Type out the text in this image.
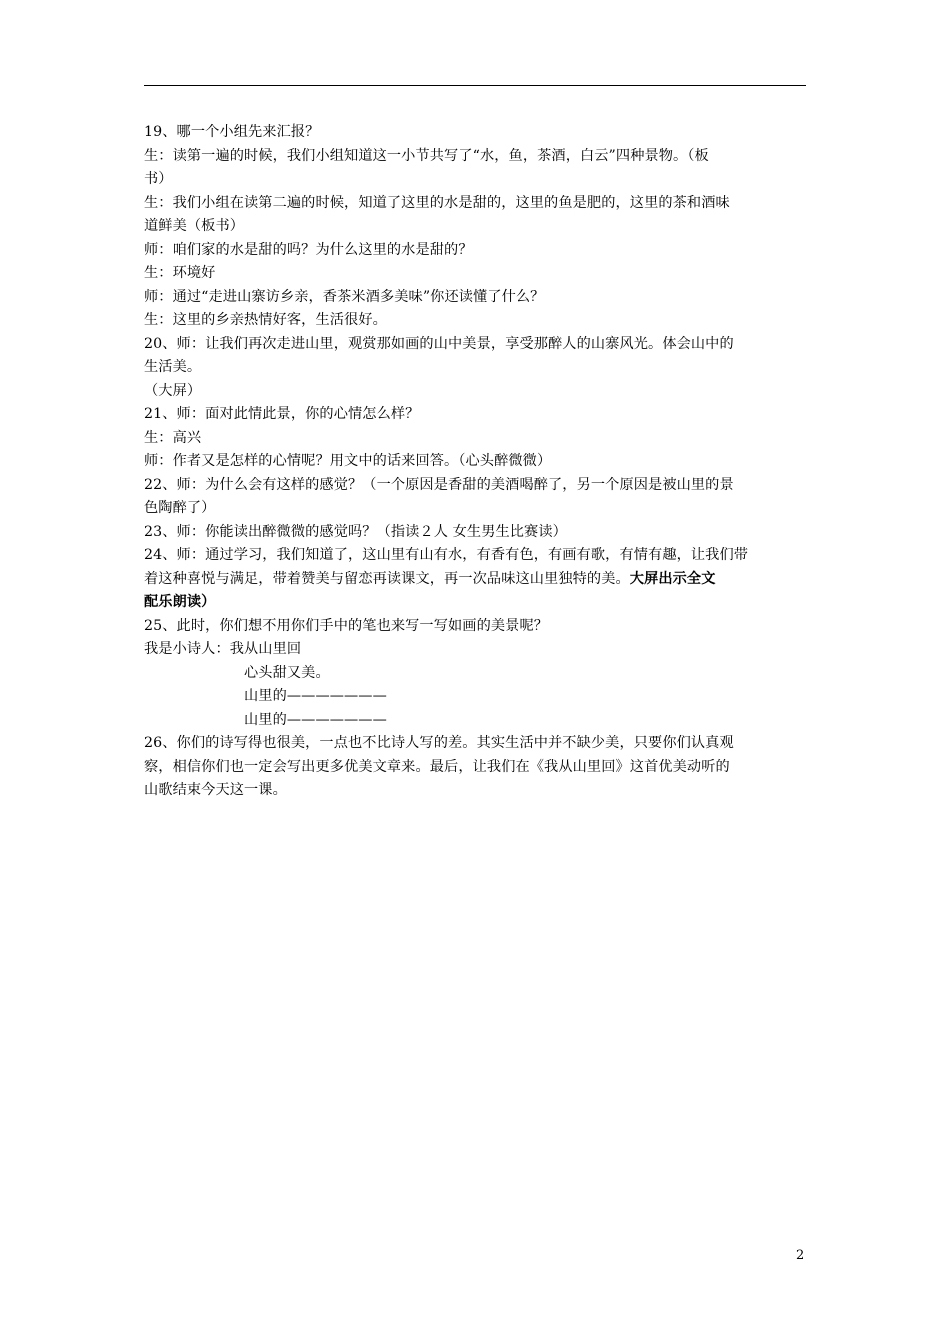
19、哪一个小组先来汇报？

生：读第一遍的时候，我们小组知道这一小节共写了“水，鱼，茶酒，白云”四种景物。（板

书）

生：我们小组在读第二遍的时候，知道了这里的水是甜的，这里的鱼是肥的，这里的茶和酒味

道鲜美（板书）

师：咱们家的水是甜的吗？为什么这里的水是甜的？

生：环境好

师：通过“走进山寨访乡亲，香茶米酒多美味”你还读懂了什么？

生：这里的乡亲热情好客，生活很好。

20、师：让我们再次走进山里，观赏那如画的山中美景，享受那醉人的山寨风光。体会山中的

生活美。

（大屏）

21、师：面对此情此景，你的心情怎么样？

生：高兴

师：作者又是怎样的心情呢？用文中的话来回答。（心头醉微微）

22、师：为什么会有这样的感觉？（一个原因是香甜的美酒喝醉了，另一个原因是被山里的景

色陶醉了）

23、师：你能读出醉微微的感觉吗？（指读２人 女生男生比赛读）

24、师：通过学习，我们知道了，这山里有山有水，有香有色，有画有歌，有情有趣，让我们带

着这种喜悦与满足，带着赞美与留恋再读课文，再一次品味这山里独特的美。大屏出示全文

配乐朗读）

25、此时，你们想不用你们手中的笔也来写一写如画的美景呢？

我是小诗人：我从山里回

心头甜又美。

山里的———————

山里的———————

26、你们的诗写得也很美，一点也不比诗人写的差。其实生活中并不缺少美，只要你们认真观

察，相信你们也一定会写出更多优美文章来。最后，让我们在《我从山里回》这首优美动听的

山歌结束今天这一课。

2
